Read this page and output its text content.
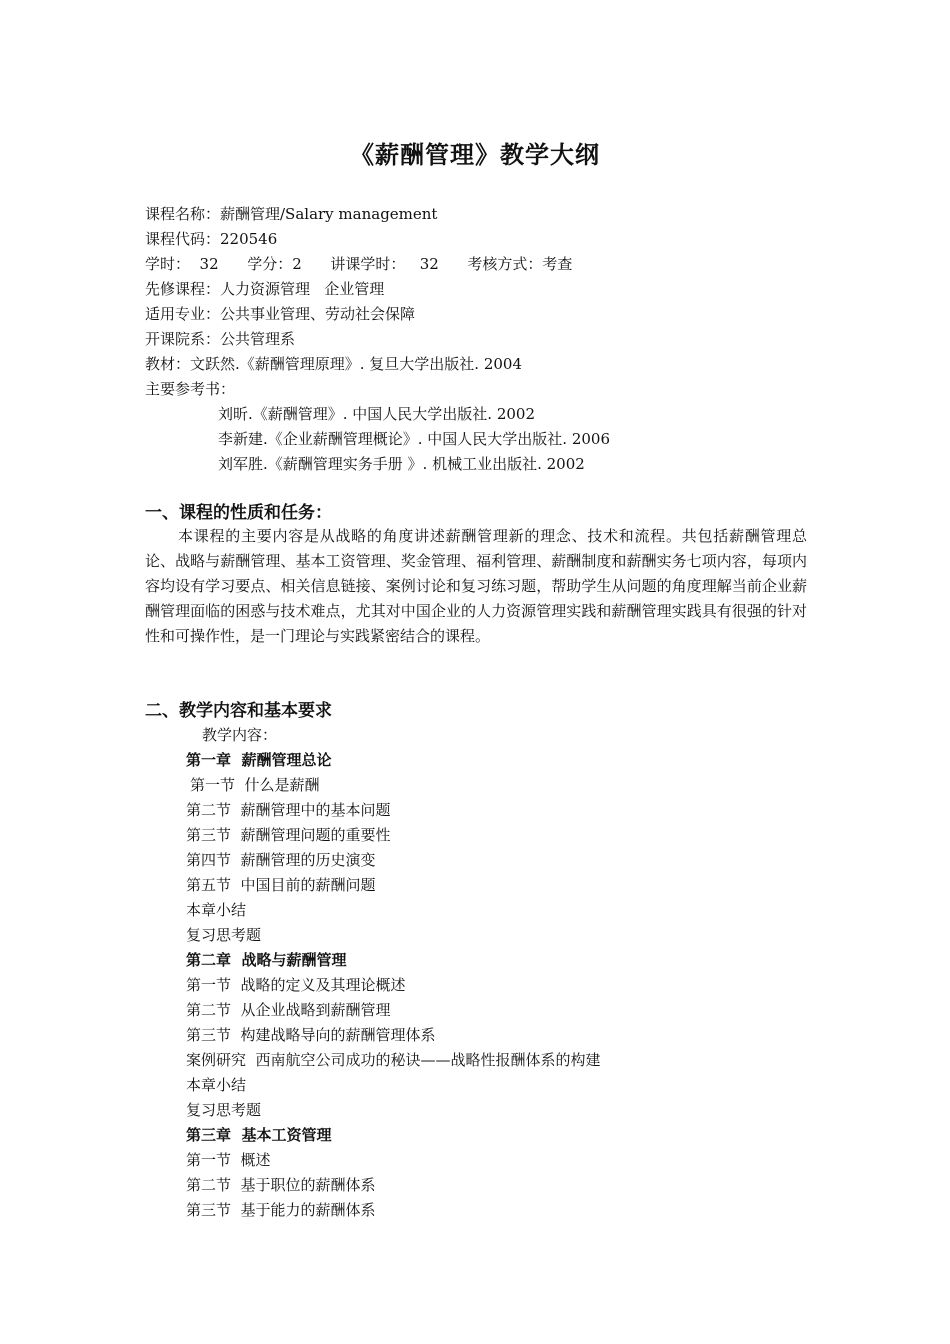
《薪酬管理》教学大纲
课程名称：薪酬管理/Salary management
课程代码：220546
学时：  32      学分：2      讲课学时：   32      考核方式：考查
先修课程：人力资源管理   企业管理
适用专业：公共事业管理、劳动社会保障
开课院系：公共管理系
教材：文跃然.《薪酬管理原理》. 复旦大学出版社. 2004
主要参考书：
刘昕.《薪酬管理》. 中国人民大学出版社. 2002
李新建.《企业薪酬管理概论》. 中国人民大学出版社. 2006
刘军胜.《薪酬管理实务手册 》. 机械工业出版社. 2002
一、课程的性质和任务：
本课程的主要内容是从战略的角度讲述薪酬管理新的理念、技术和流程。共包括薪酬管理总论、战略与薪酬管理、基本工资管理、奖金管理、福利管理、薪酬制度和薪酬实务七项内容，每项内容均设有学习要点、相关信息链接、案例讨论和复习练习题，帮助学生从问题的角度理解当前企业薪酬管理面临的困惑与技术难点，尤其对中国企业的人力资源管理实践和薪酬管理实践具有很强的针对性和可操作性，是一门理论与实践紧密结合的课程。
二、教学内容和基本要求
教学内容：
第一章  薪酬管理总论
第一节  什么是薪酬
第二节  薪酬管理中的基本问题
第三节  薪酬管理问题的重要性
第四节  薪酬管理的历史演变
第五节  中国目前的薪酬问题
本章小结
复习思考题
第二章  战略与薪酬管理
第一节  战略的定义及其理论概述
第二节  从企业战略到薪酬管理
第三节  构建战略导向的薪酬管理体系
案例研究  西南航空公司成功的秘诀——战略性报酬体系的构建
本章小结
复习思考题
第三章  基本工资管理
第一节  概述
第二节  基于职位的薪酬体系
第三节  基于能力的薪酬体系
